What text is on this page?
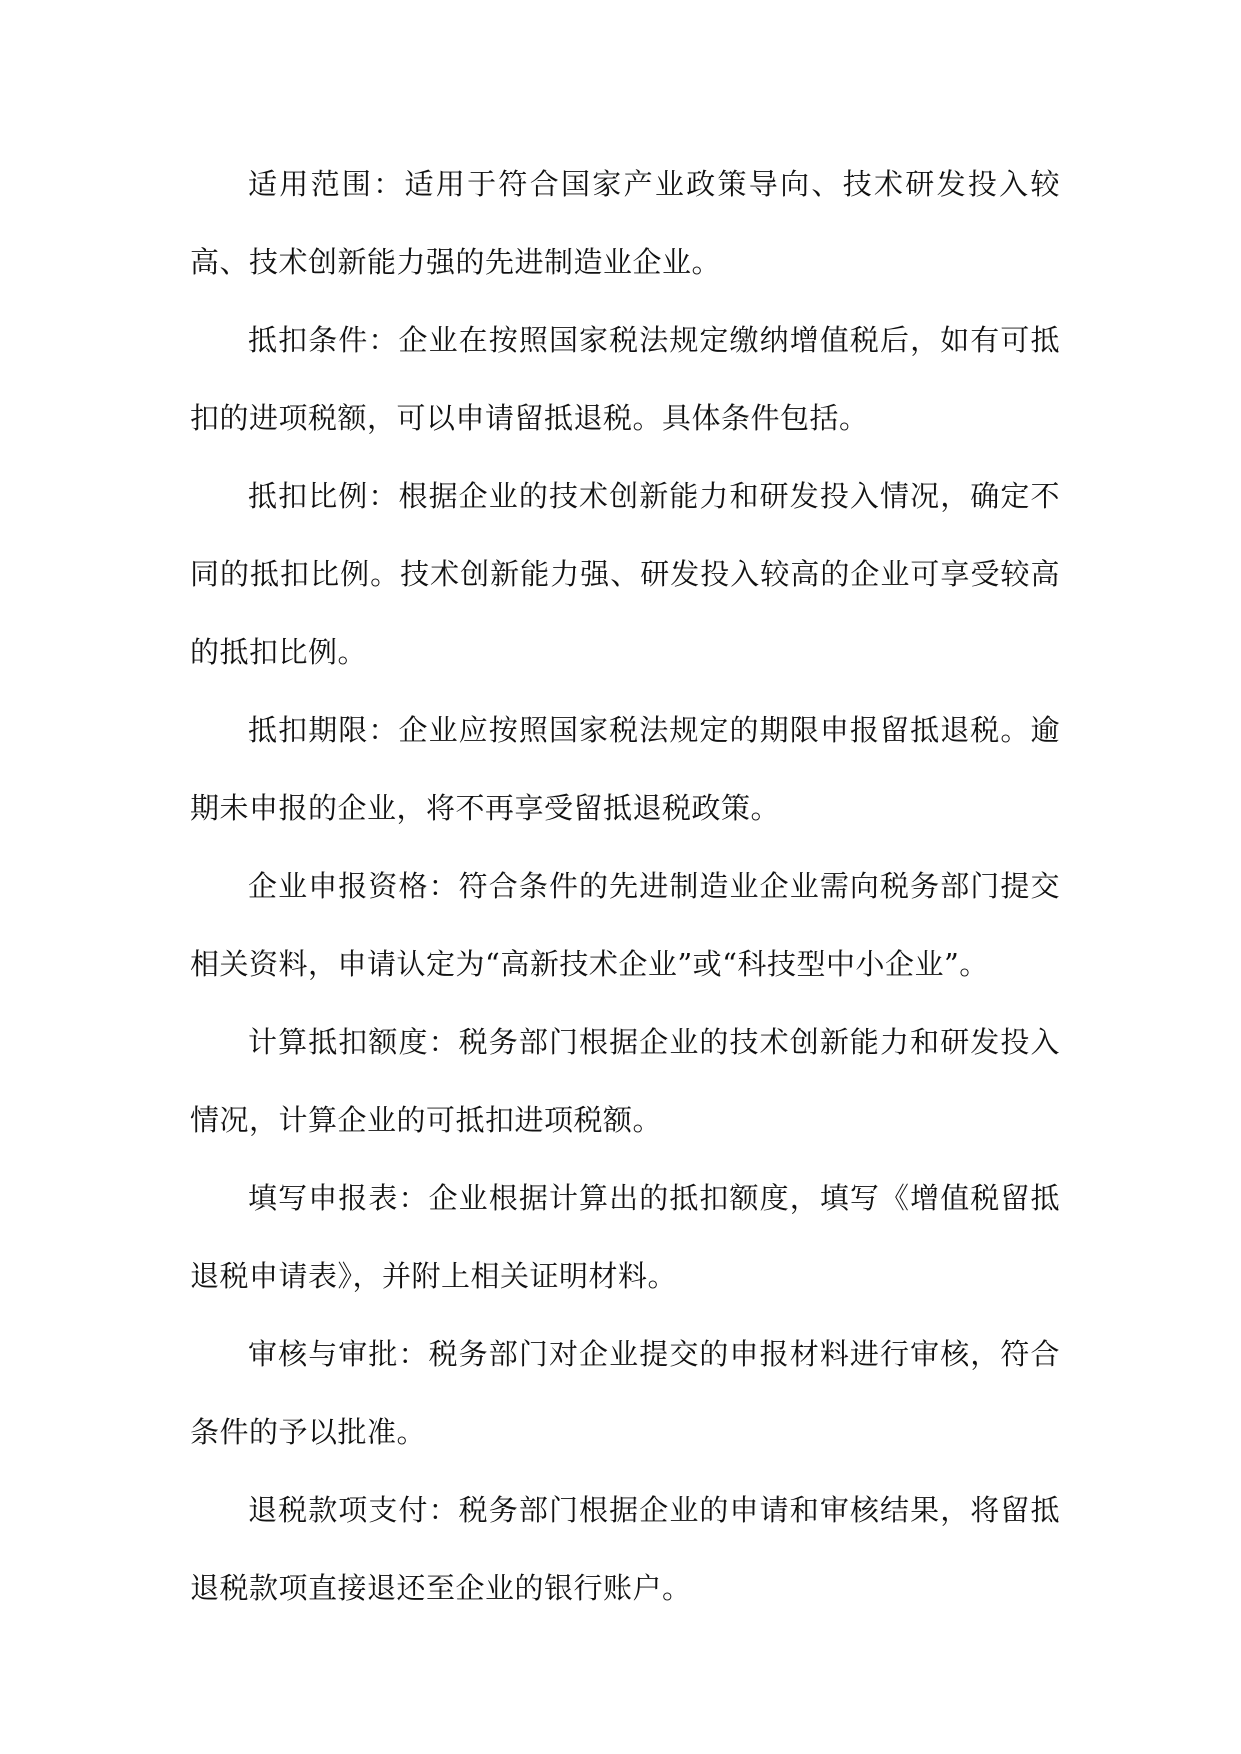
适用范围：适用于符合国家产业政策导向、技术研发投入较高、技术创新能力强的先进制造业企业。

抵扣条件：企业在按照国家税法规定缴纳增值税后，如有可抵扣的进项税额，可以申请留抵退税。具体条件包括。

抵扣比例：根据企业的技术创新能力和研发投入情况，确定不同的抵扣比例。技术创新能力强、研发投入较高的企业可享受较高的抵扣比例。

抵扣期限：企业应按照国家税法规定的期限申报留抵退税。逾期未申报的企业，将不再享受留抵退税政策。

企业申报资格：符合条件的先进制造业企业需向税务部门提交相关资料，申请认定为“高新技术企业”或“科技型中小企业”。

计算抵扣额度：税务部门根据企业的技术创新能力和研发投入情况，计算企业的可抵扣进项税额。

填写申报表：企业根据计算出的抵扣额度，填写《增值税留抵退税申请表》，并附上相关证明材料。

审核与审批：税务部门对企业提交的申报材料进行审核，符合条件的予以批准。

退税款项支付：税务部门根据企业的申请和审核结果，将留抵退税款项直接退还至企业的银行账户。
